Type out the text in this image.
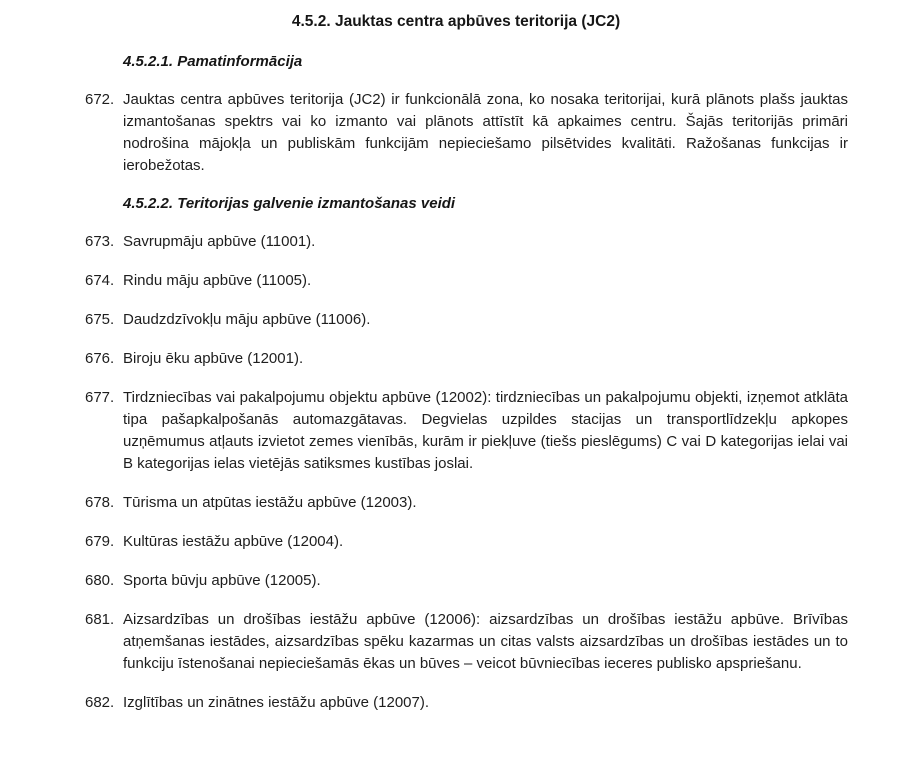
4.5.2. Jauktas centra apbūves teritorija (JC2)
4.5.2.1. Pamatinformācija
672. Jauktas centra apbūves teritorija (JC2) ir funkcionālā zona, ko nosaka teritorijai, kurā plānots plašs jauktas izmantošanas spektrs vai ko izmanto vai plānots attīstīt kā apkaimes centru. Šajās teritorijās primāri nodrošina mājokļa un publiskām funkcijām nepieciešamo pilsētvides kvalitāti. Ražošanas funkcijas ir ierobežotas.

4.5.2.2. Teritorijas galvenie izmantošanas veidi
673. Savrupmāju apbūve (11001).

674. Rindu māju apbūve (11005).

675. Daudzdzīvokļu māju apbūve (11006).

676. Biroju ēku apbūve (12001).

677. Tirdzniecības vai pakalpojumu objektu apbūve (12002): tirdzniecības un pakalpojumu objekti, izņemot atklāta tipa pašapkalpošanās automazgātavas. Degvielas uzpildes stacijas un transportlīdzekļu apkopes uzņēmumus atļauts izvietot zemes vienībās, kurām ir piekļuve (tiešs pieslēgums) C vai D kategorijas ielai vai B kategorijas ielas vietējās satiksmes kustības joslai.

678. Tūrisma un atpūtas iestāžu apbūve (12003).

679. Kultūras iestāžu apbūve (12004).

680. Sporta būvju apbūve (12005).

681. Aizsardzības un drošības iestāžu apbūve (12006): aizsardzības un drošības iestāžu apbūve. Brīvības atņemšanas iestādes, aizsardzības spēku kazarmas un citas valsts aizsardzības un drošības iestādes un to funkciju īstenošanai nepieciešamās ēkas un būves – veicot būvniecības ieceres publisko apspriešanu.

682. Izglītības un zinātnes iestāžu apbūve (12007).
